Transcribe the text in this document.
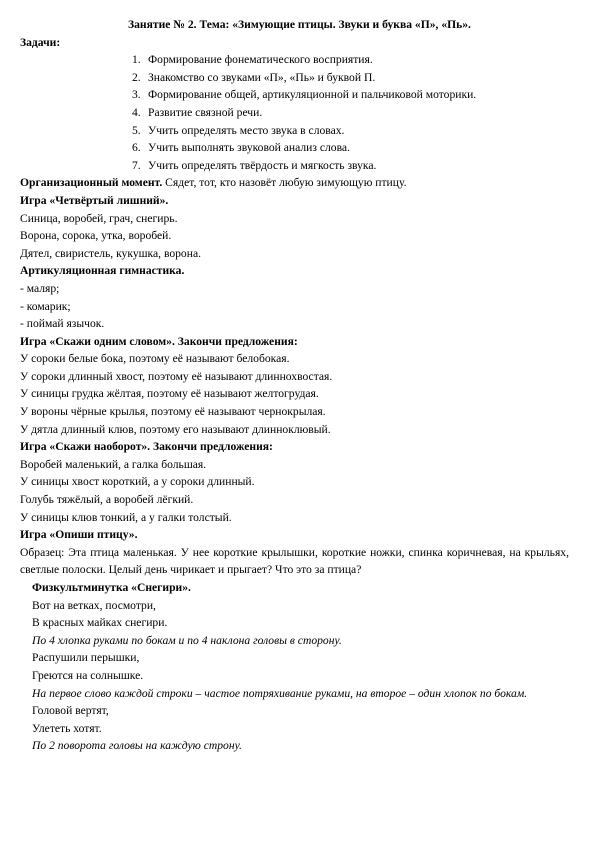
Занятие № 2. Тема: «Зимующие птицы. Звуки и буква «П», «Пь».
Задачи:
1. Формирование фонематического восприятия.
2. Знакомство со звуками «П», «Пь» и буквой П.
3. Формирование общей, артикуляционной и пальчиковой моторики.
4. Развитие связной речи.
5. Учить определять место звука в словах.
6. Учить выполнять звуковой анализ слова.
7. Учить определять твёрдость и мягкость звука.
Организационный момент. Сядет, тот, кто назовёт любую зимующую птицу.
Игра «Четвёртый лишний».
Синица, воробей, грач, снегирь.
Ворона, сорока, утка, воробей.
Дятел, свиристель, кукушка, ворона.
Артикуляционная гимнастика.
- маляр;
- комарик;
- поймай язычок.
Игра «Скажи одним словом». Закончи предложения:
У сороки белые бока, поэтому её называют белобокая.
У сороки длинный хвост, поэтому её называют длиннохвостая.
У синицы грудка жёлтая, поэтому её называют желтогрудая.
У вороны чёрные крылья, поэтому её называют чернокрылая.
У дятла длинный клюв, поэтому его называют длинноклювый.
Игра «Скажи наоборот». Закончи предложения:
Воробей маленький, а галка большая.
У синицы хвост короткий, а у сороки длинный.
Голубь тяжёлый, а воробей лёгкий.
У синицы клюв тонкий, а у галки толстый.
Игра «Опиши птицу».
Образец: Эта птица маленькая. У нее короткие крылышки, короткие ножки, спинка коричневая, на крыльях, светлые полоски. Целый день чирикает и прыгает? Что это за птица?
Физкультминутка «Снегири».
Вот на ветках, посмотри,
В красных майках снегири.
По 4 хлопка руками по бокам и по 4 наклона головы в сторону.
Распушили перышки,
Греются на солнышке.
На первое слово каждой строки – частое потряхивание руками, на второе – один хлопок по бокам.
Головой вертят,
Улететь хотят.
По 2 поворота головы на каждую строну.
